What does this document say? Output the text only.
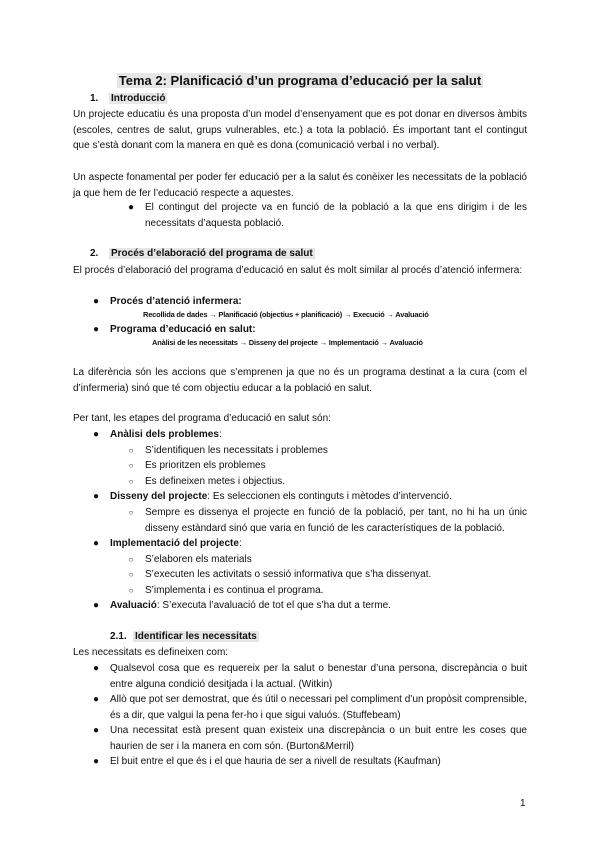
Tema 2: Planificació d’un programa d’educació per la salut
1. Introducció
Un projecte educatiu és una proposta d’un model d’ensenyament que es pot donar en diversos àmbits (escoles, centres de salut, grups vulnerables, etc.) a tota la població. És important tant el contingut que s’està donant com la manera en què es dona (comunicació verbal i no verbal).
Un aspecte fonamental per poder fer educació per a la salut és conèixer les necessitats de la població ja que hem de fer l’educació respecte a aquestes.
● El contingut del projecte va en funció de la població a la que ens dirigim i de les necessitats d’aquesta població.
2. Procés d’elaboració del programa de salut
El procés d’elaboració del programa d’educació en salut és molt similar al procés d’atenció infermera:
● Procés d’atenció infermera:
Recollida de dades → Planificació (objectius + planificació) → Execució → Avaluació
● Programa d’educació en salut:
Anàlisi de les necessitats → Disseny del projecte → Implementació → Avaluació
La diferència són les accions que s’emprenen ja que no és un programa destinat a la cura (com el d’infermeria) sinó que té com objectiu educar a la població en salut.
Per tant, les etapes del programa d’educació en salut són:
● Anàlisi dels problemes:
○	S’identifiquen les necessitats i problemes
○	Es prioritzen els problemes
○	Es defineixen metes i objectius.
● Disseny del projecte: Es seleccionen els continguts i mètodes d’intervenció.
○	Sempre es dissenya el projecte en funció de la població, per tant, no hi ha un únic disseny estàndard sinó que varia en funció de les característiques de la població.
● Implementació del projecte:
○	S’elaboren els materials
○	S’executen les activitats o sessió informativa que s’ha dissenyat.
○	S’implementa i es continua el programa.
● Avaluació: S’executa l’avaluació de tot el que s’ha dut a terme.
2.1. Identificar les necessitats
Les necessitats es defineixen com:
● Qualsevol cosa que es requereix per la salut o benestar d’una persona, discrepància o buit entre alguna condició desitjada i la actual. (Witkin)
● Allò que pot ser demostrat, que és útil o necessari pel compliment d’un propòsit comprensible, és a dir, que valgui la pena fer-ho i que sigui valuós. (Stuffebeam)
● Una necessitat està present quan existeix una discrepància o un buit entre les coses que haurien de ser i la manera en com són. (Burton&Merril)
● El buit entre el que és i el que hauria de ser a nivell de resultats (Kaufman)
1
